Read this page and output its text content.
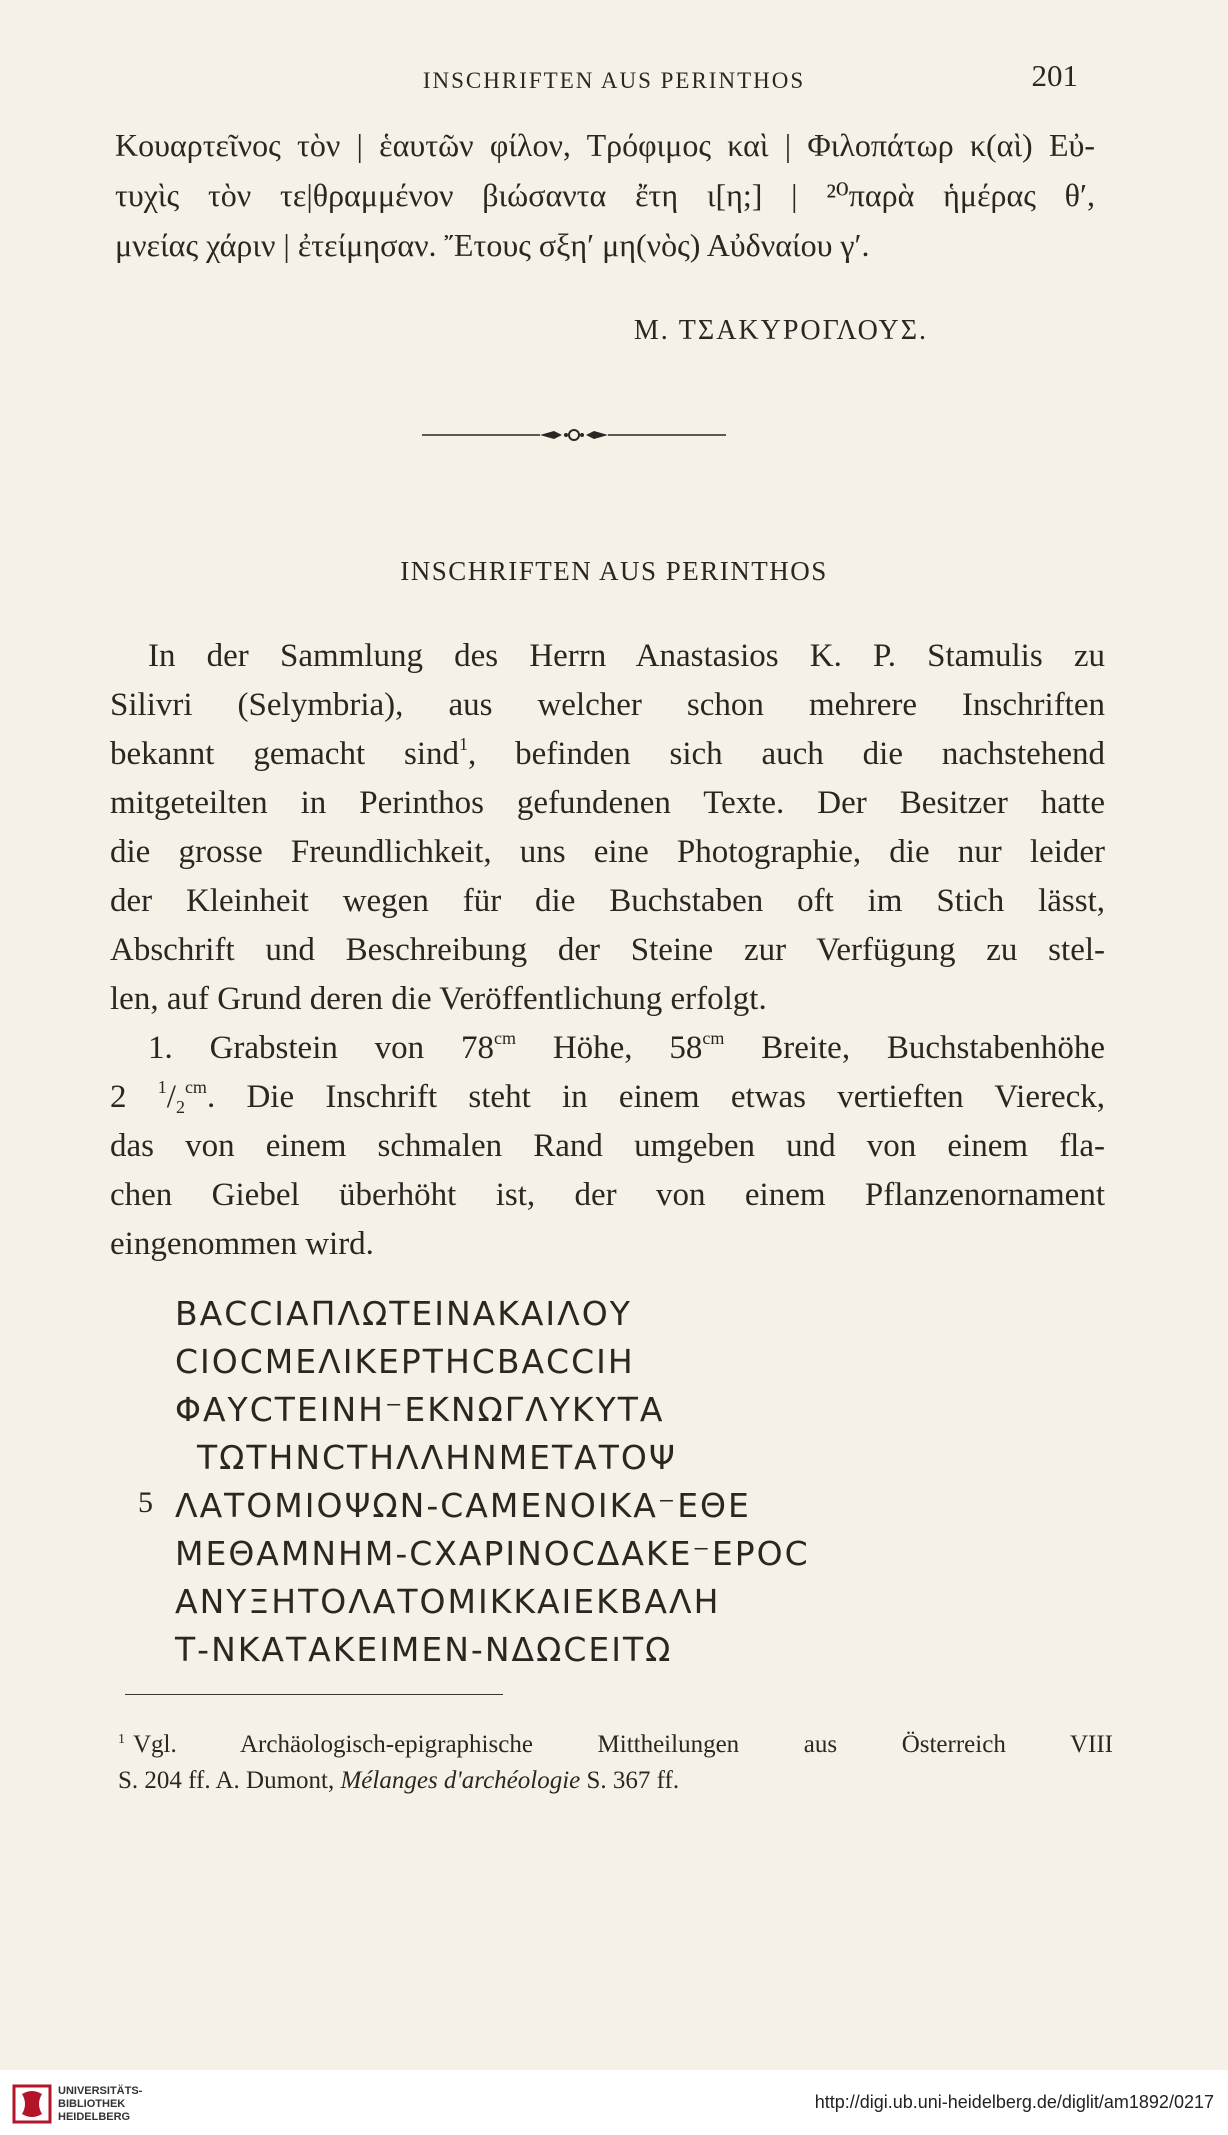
INSCHRIFTEN AUS PERINTHOS	201
Κουαρτεῖνος τὸν | ἑαυτῶν φίλον, Τρόφιμος καὶ | Φιλοπάτωρ κ(αὶ) Εὐ-
τυχὶς τὸν τε|θραμμένον βιώσαντα ἔτη ι[η;] | ²⁰παρὰ ἡμέρας θ′,
μνείας χάριν | ἐτείμησαν. Ἔτους σξη′ μη(νὸς) Αὐδναίου γ′.
M. ΤΣΑΚΥΡΟΓΛΟΥΣ.
INSCHRIFTEN AUS PERINTHOS
In der Sammlung des Herrn Anastasios K. P. Stamulis zu
Silivri (Selymbria), aus welcher schon mehrere Inschriften
bekannt gemacht sind$^1$, befinden sich auch die nachstehend
mitgeteilten in Perinthos gefundenen Texte. Der Besitzer hatte
die grosse Freundlichkeit, uns eine Photographie, die nur leider
der Kleinheit wegen für die Buchstaben oft im Stich lässt,
Abschrift und Beschreibung der Steine zur Verfügung zu stel-
len, auf Grund deren die Veröffentlichung erfolgt.
1. Grabstein von $78^{cm}$ Höhe, $58^{cm}$ Breite, Buchstabenhöhe
2 $^1/_2^{cm}$. Die Inschrift steht in einem etwas vertieften Viereck,
das von einem schmalen Rand umgeben und von einem fla-
chen Giebel überhöht ist, der von einem Pflanzenornament
eingenommen wird.
5
ΒΑϹϹΙΑΠΛΩΤΕΙΝΑΚΑΙΛΟΥ
ϹΙΟϹΜΕΛΙΚΕΡΤΗϹΒΑϹϹΙΗ
ΦΑΥϹΤΕΙΝΗ⁻ΕΚΝΩΓΛΥΚΥΤΑ
ΤΩΤΗΝϹΤΗΛΛΗΝΜΕΤΑΤΟΨ
ΛΑΤΟΜΙΟΨΩΝ-ϹΑΜΕΝΟΙΚΑ⁻ΕΘΕ
ΜΕΘΑΜΝΗΜ-ϹΧΑΡΙΝΟϹΔΑΚΕ⁻ΕΡΟϹ
ΑΝΥΞΗΤΟΛΑΤΟΜΙΚΚΑΙΕΚΒΑΛΗ
Τ-ΝΚΑΤΑΚΕΙΜΕΝ-ΝΔΩϹΕΙΤΩ
$^1$ Vgl. Archäologisch-epigraphische Mittheilungen aus Österreich VIII
S. 204 ff. A. Dumont, Mélanges d'archéologie S. 367 ff.
UNIVERSITÄTS-
BIBLIOTHEK
HEIDELBERG
http://digi.ub.uni-heidelberg.de/diglit/am1892/0217
